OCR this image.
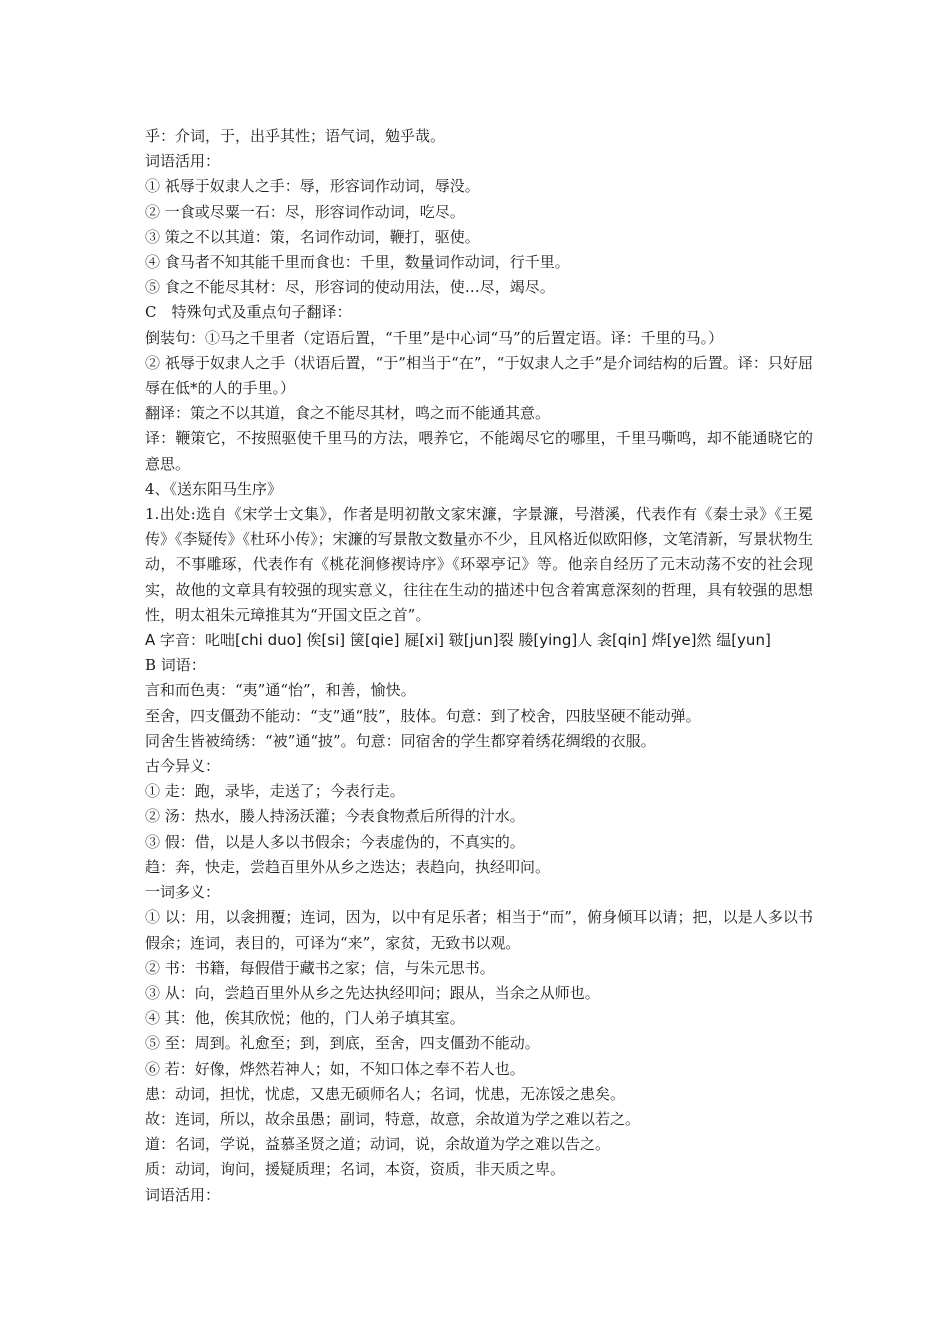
乎：介词，于，出乎其性；语气词，勉乎哉。
词语活用：
① 祇辱于奴隶人之手：辱，形容词作动词，辱没。
② 一食或尽粟一石：尽，形容词作动词，吃尽。
③ 策之不以其道：策，名词作动词，鞭打，驱使。
④ 食马者不知其能千里而食也：千里，数量词作动词，行千里。
⑤ 食之不能尽其材：尽，形容词的使动用法，使…尽，竭尽。
C　特殊句式及重点句子翻译：
倒装句：①马之千里者（定语后置，“千里”是中心词“马”的后置定语。译：千里的马。）
② 祇辱于奴隶人之手（状语后置，“于”相当于“在”，“于奴隶人之手”是介词结构的后置。译：只好屈辱在低*的人的手里。）
翻译：策之不以其道，食之不能尽其材，鸣之而不能通其意。
译：鞭策它，不按照驱使千里马的方法，喂养它，不能竭尽它的哪里，千里马嘶鸣，却不能通晓它的意思。
4、《送东阳马生序》
1.出处:选自《宋学士文集》，作者是明初散文家宋濂，字景濂，号潜溪，代表作有《秦士录》《王冕传》《李疑传》《杜环小传》；宋濂的写景散文数量亦不少，且风格近似欧阳修，文笔清新，写景状物生动，不事雕琢，代表作有《桃花涧修禊诗序》《环翠亭记》等。他亲自经历了元末动荡不安的社会现实，故他的文章具有较强的现实意义，往往在生动的描述中包含着寓意深刻的哲理，具有较强的思想性，明太祖朱元璋推其为“开国文臣之首”。
A 字音：叱咄[chi duo] 俟[si] 箧[qie] 屣[xi] 皲[jun]裂 媵[ying]人 衾[qin] 烨[ye]然 缊[yun]
B 词语：
言和而色夷：“夷”通“怡”，和善，愉快。
至舍，四支僵劲不能动：“支”通“肢”，肢体。句意：到了校舍，四肢坚硬不能动弹。
同舍生皆被绮绣：“被”通“披”。句意：同宿舍的学生都穿着绣花绸缎的衣服。
古今异义：
① 走：跑，录毕，走送了；今表行走。
② 汤：热水，媵人持汤沃灌；今表食物煮后所得的汁水。
③ 假：借，以是人多以书假余；今表虚伪的，不真实的。
趋：奔，快走，尝趋百里外从乡之迭达；表趋向，执经叩问。
一词多义：
① 以：用，以衾拥覆；连词，因为，以中有足乐者；相当于“而”，俯身倾耳以请；把，以是人多以书假余；连词，表目的，可译为“来”，家贫，无致书以观。
② 书：书籍，每假借于藏书之家；信，与朱元思书。
③ 从：向，尝趋百里外从乡之先达执经叩问；跟从，当余之从师也。
④ 其：他，俟其欣悦；他的，门人弟子填其室。
⑤ 至：周到。礼愈至；到，到底，至舍，四支僵劲不能动。
⑥ 若：好像，烨然若神人；如，不知口体之奉不若人也。
患：动词，担忧，忧虑，又患无硕师名人；名词，忧患，无冻馁之患矣。
故：连词，所以，故余虽愚；副词，特意，故意，余故道为学之难以若之。
道：名词，学说，益慕圣贤之道；动词，说，余故道为学之难以告之。
质：动词，询问，援疑质理；名词，本资，资质，非天质之卑。
词语活用：
